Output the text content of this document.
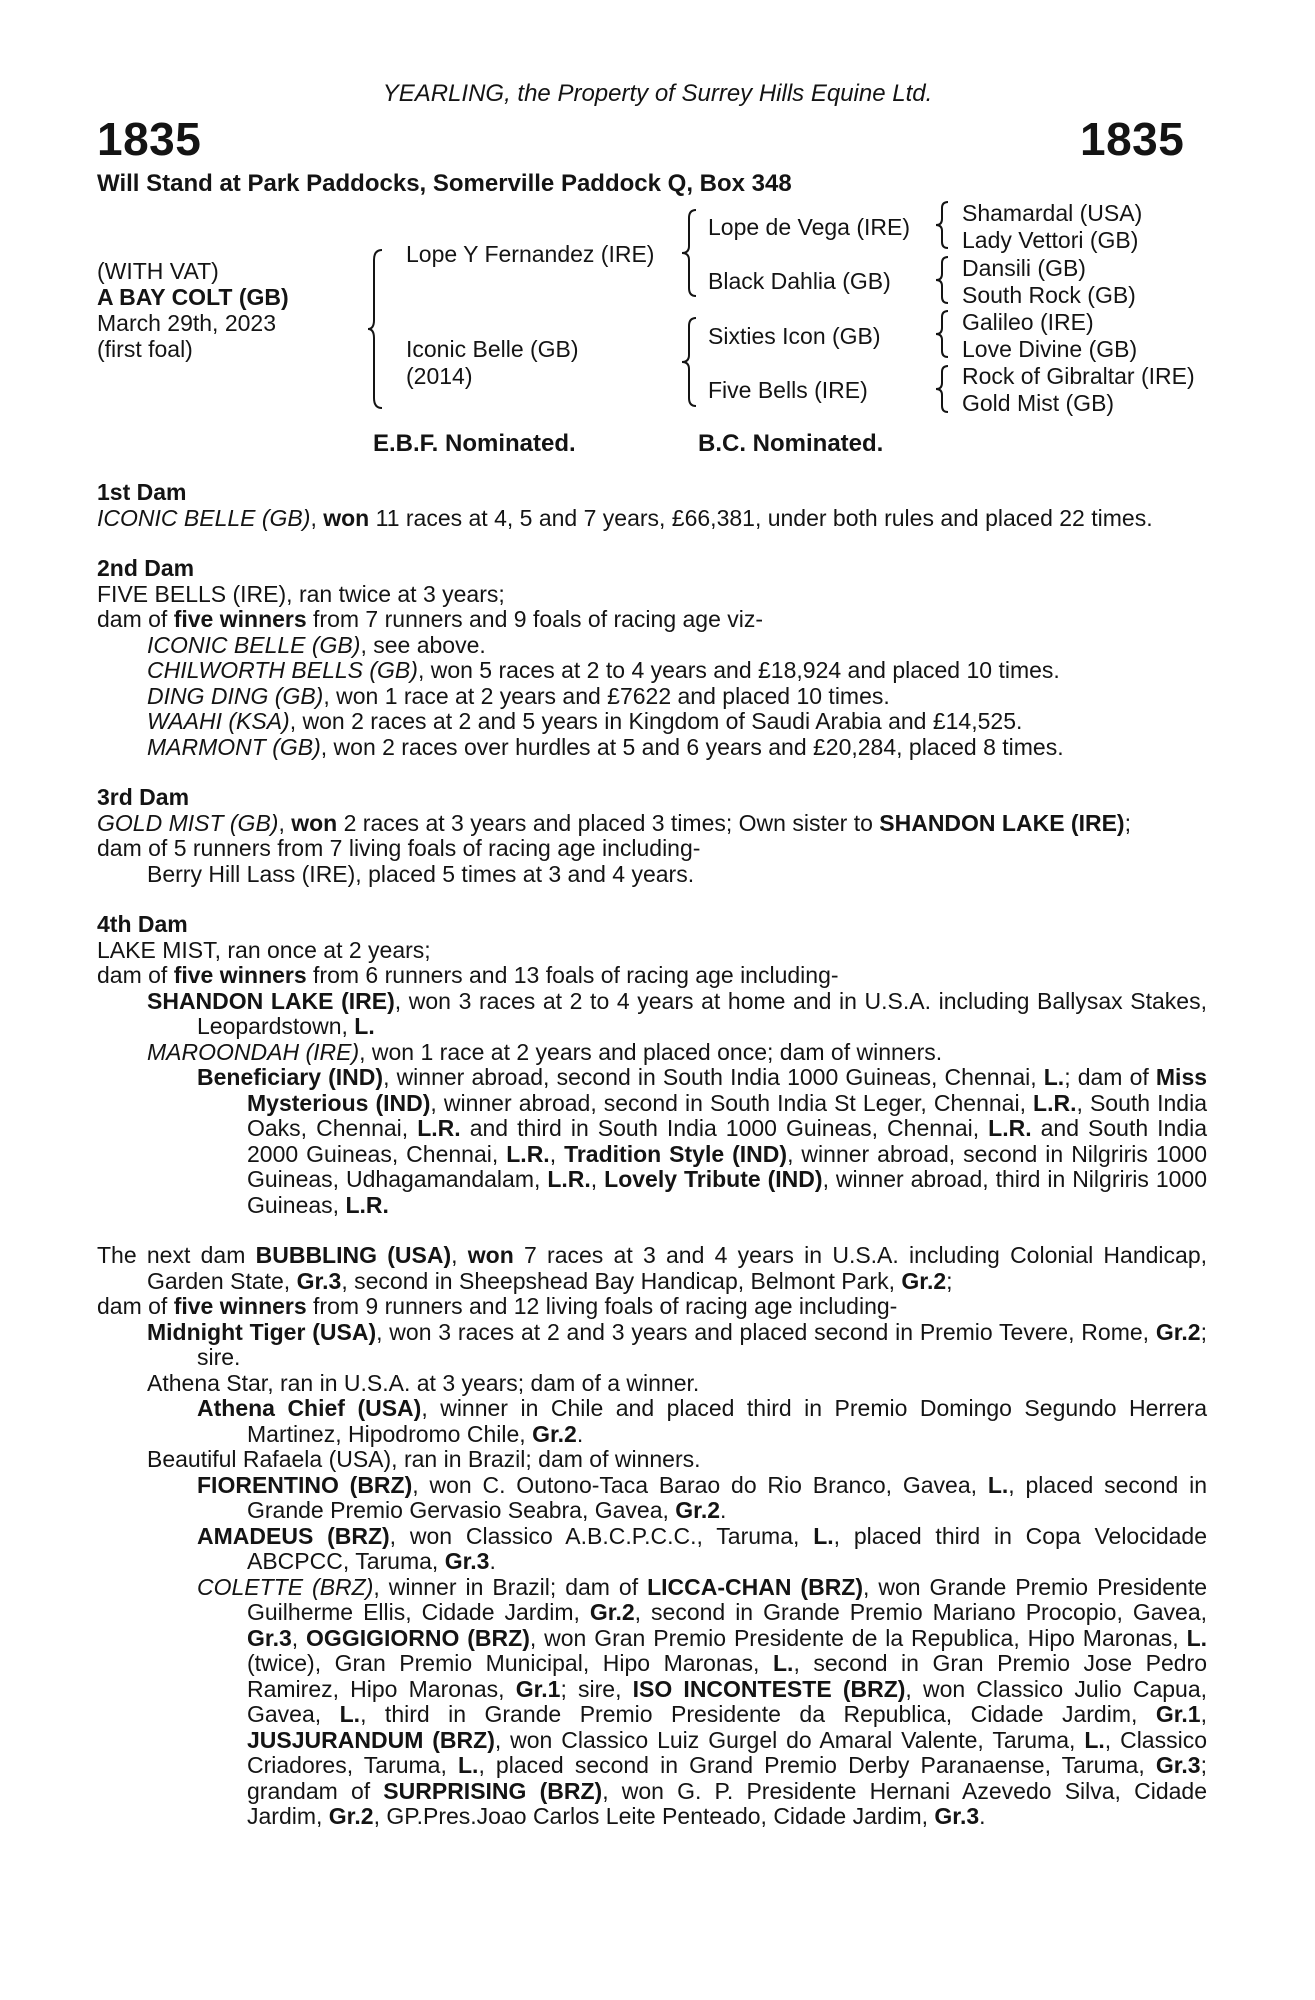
YEARLING, the Property of Surrey Hills Equine Ltd.
1835	1835
Will Stand at Park Paddocks, Somerville Paddock Q, Box 348
(WITH VAT)
A BAY COLT (GB)
March 29th, 2023
(first foal)
Lope Y Fernandez (IRE)
Iconic Belle (GB)
(2014)
Lope de Vega (IRE)
Black Dahlia (GB)
Sixties Icon (GB)
Five Bells (IRE)
Shamardal (USA)
Lady Vettori (GB)
Dansili (GB)
South Rock (GB)
Galileo (IRE)
Love Divine (GB)
Rock of Gibraltar (IRE)
Gold Mist (GB)
E.B.F. Nominated.	B.C. Nominated.
1st Dam
ICONIC BELLE (GB), won 11 races at 4, 5 and 7 years, £66,381, under both rules and placed 22 times.
2nd Dam
FIVE BELLS (IRE), ran twice at 3 years;
dam of five winners from 7 runners and 9 foals of racing age viz-
ICONIC BELLE (GB), see above.
CHILWORTH BELLS (GB), won 5 races at 2 to 4 years and £18,924 and placed 10 times.
DING DING (GB), won 1 race at 2 years and £7622 and placed 10 times.
WAAHI (KSA), won 2 races at 2 and 5 years in Kingdom of Saudi Arabia and £14,525.
MARMONT (GB), won 2 races over hurdles at 5 and 6 years and £20,284, placed 8 times.
3rd Dam
GOLD MIST (GB), won 2 races at 3 years and placed 3 times; Own sister to SHANDON LAKE (IRE);
dam of 5 runners from 7 living foals of racing age including-
Berry Hill Lass (IRE), placed 5 times at 3 and 4 years.
4th Dam
LAKE MIST, ran once at 2 years;
dam of five winners from 6 runners and 13 foals of racing age including-
SHANDON LAKE (IRE), won 3 races at 2 to 4 years at home and in U.S.A. including Ballysax Stakes, Leopardstown, L.
MAROONDAH (IRE), won 1 race at 2 years and placed once; dam of winners.
Beneficiary (IND), winner abroad, second in South India 1000 Guineas, Chennai, L.; dam of Miss Mysterious (IND), winner abroad, second in South India St Leger, Chennai, L.R., South India Oaks, Chennai, L.R. and third in South India 1000 Guineas, Chennai, L.R. and South India 2000 Guineas, Chennai, L.R., Tradition Style (IND), winner abroad, second in Nilgriris 1000 Guineas, Udhagamandalam, L.R., Lovely Tribute (IND), winner abroad, third in Nilgriris 1000 Guineas, L.R.
The next dam BUBBLING (USA), won 7 races at 3 and 4 years in U.S.A. including Colonial Handicap, Garden State, Gr.3, second in Sheepshead Bay Handicap, Belmont Park, Gr.2;
dam of five winners from 9 runners and 12 living foals of racing age including-
Midnight Tiger (USA), won 3 races at 2 and 3 years and placed second in Premio Tevere, Rome, Gr.2; sire.
Athena Star, ran in U.S.A. at 3 years; dam of a winner.
Athena Chief (USA), winner in Chile and placed third in Premio Domingo Segundo Herrera Martinez, Hipodromo Chile, Gr.2.
Beautiful Rafaela (USA), ran in Brazil; dam of winners.
FIORENTINO (BRZ), won C. Outono-Taca Barao do Rio Branco, Gavea, L., placed second in Grande Premio Gervasio Seabra, Gavea, Gr.2.
AMADEUS (BRZ), won Classico A.B.C.P.C.C., Taruma, L., placed third in Copa Velocidade ABCPCC, Taruma, Gr.3.
COLETTE (BRZ), winner in Brazil; dam of LICCA-CHAN (BRZ), won Grande Premio Presidente Guilherme Ellis, Cidade Jardim, Gr.2, second in Grande Premio Mariano Procopio, Gavea, Gr.3, OGGIGIORNO (BRZ), won Gran Premio Presidente de la Republica, Hipo Maronas, L. (twice), Gran Premio Municipal, Hipo Maronas, L., second in Gran Premio Jose Pedro Ramirez, Hipo Maronas, Gr.1; sire, ISO INCONTESTE (BRZ), won Classico Julio Capua, Gavea, L., third in Grande Premio Presidente da Republica, Cidade Jardim, Gr.1, JUSJURANDUM (BRZ), won Classico Luiz Gurgel do Amaral Valente, Taruma, L., Classico Criadores, Taruma, L., placed second in Grand Premio Derby Paranaense, Taruma, Gr.3; grandam of SURPRISING (BRZ), won G. P. Presidente Hernani Azevedo Silva, Cidade Jardim, Gr.2, GP.Pres.Joao Carlos Leite Penteado, Cidade Jardim, Gr.3.
